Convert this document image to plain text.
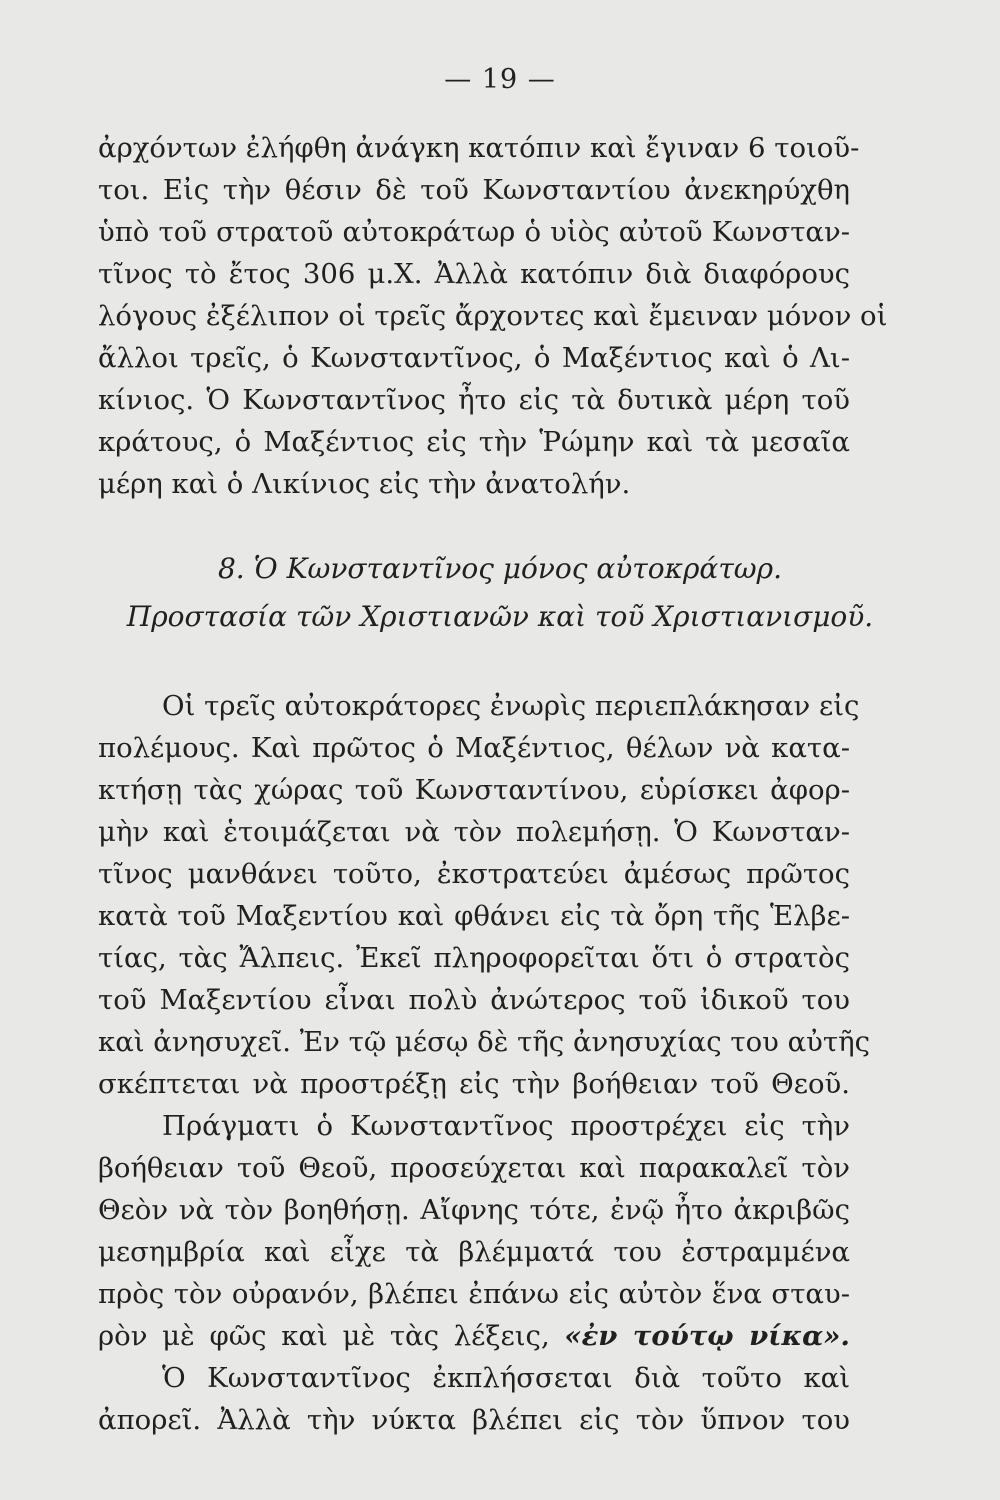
— 19 —
ἀρχόντων ἐλήφθη ἀνάγκη κατόπιν καὶ ἔγιναν 6 τοιοῦ-
τοι. Εἰς τὴν θέσιν δὲ τοῦ Κωνσταντίου ἀνεκηρύχθη
ὑπὸ τοῦ στρατοῦ αὐτοκράτωρ ὁ υἱὸς αὐτοῦ Κωνσταν-
τῖνος τὸ ἔτος 306 μ.Χ. Ἀλλὰ κατόπιν διὰ διαφόρους
λόγους ἐξέλιπον οἱ τρεῖς ἄρχοντες καὶ ἔμειναν μόνον οἱ
ἄλλοι τρεῖς, ὁ Κωνσταντῖνος, ὁ Μαξέντιος καὶ ὁ Λι-
κίνιος. Ὁ Κωνσταντῖνος ἦτο εἰς τὰ δυτικὰ μέρη τοῦ
κράτους, ὁ Μαξέντιος εἰς τὴν Ῥώμην καὶ τὰ μεσαῖα
μέρη καὶ ὁ Λικίνιος εἰς τὴν ἀνατολήν.
8. Ὁ Κωνσταντῖνος μόνος αὐτοκράτωρ.
Προστασία τῶν Χριστιανῶν καὶ τοῦ Χριστιανισμοῦ.
Οἱ τρεῖς αὐτοκράτορες ἐνωρὶς περιεπλάκησαν εἰς
πολέμους. Καὶ πρῶτος ὁ Μαξέντιος, θέλων νὰ κατα-
κτήσῃ τὰς χώρας τοῦ Κωνσταντίνου, εὑρίσκει ἀφορ-
μὴν καὶ ἑτοιμάζεται νὰ τὸν πολεμήσῃ. Ὁ Κωνσταν-
τῖνος μανθάνει τοῦτο, ἐκστρατεύει ἀμέσως πρῶτος
κατὰ τοῦ Μαξεντίου καὶ φθάνει εἰς τὰ ὄρη τῆς Ἑλβε-
τίας, τὰς Ἄλπεις. Ἐκεῖ πληροφορεῖται ὅτι ὁ στρατὸς
τοῦ Μαξεντίου εἶναι πολὺ ἀνώτερος τοῦ ἰδικοῦ του
καὶ ἀνησυχεῖ. Ἐν τῷ μέσῳ δὲ τῆς ἀνησυχίας του αὐτῆς
σκέπτεται νὰ προστρέξῃ εἰς τὴν βοήθειαν τοῦ Θεοῦ.
Πράγματι ὁ Κωνσταντῖνος προστρέχει εἰς τὴν
βοήθειαν τοῦ Θεοῦ, προσεύχεται καὶ παρακαλεῖ τὸν
Θεὸν νὰ τὸν βοηθήσῃ. Αἴφνης τότε, ἐνῷ ἦτο ἀκριβῶς
μεσημβρία καὶ εἶχε τὰ βλέμματά του ἐστραμμένα
πρὸς τὸν οὐρανόν, βλέπει ἐπάνω εἰς αὐτὸν ἕνα σταυ-
ρὸν μὲ φῶς καὶ μὲ τὰς λέξεις, «ἐν τούτῳ νίκα».
Ὁ Κωνσταντῖνος ἐκπλήσσεται διὰ τοῦτο καὶ
ἀπορεῖ. Ἀλλὰ τὴν νύκτα βλέπει εἰς τὸν ὕπνον του
